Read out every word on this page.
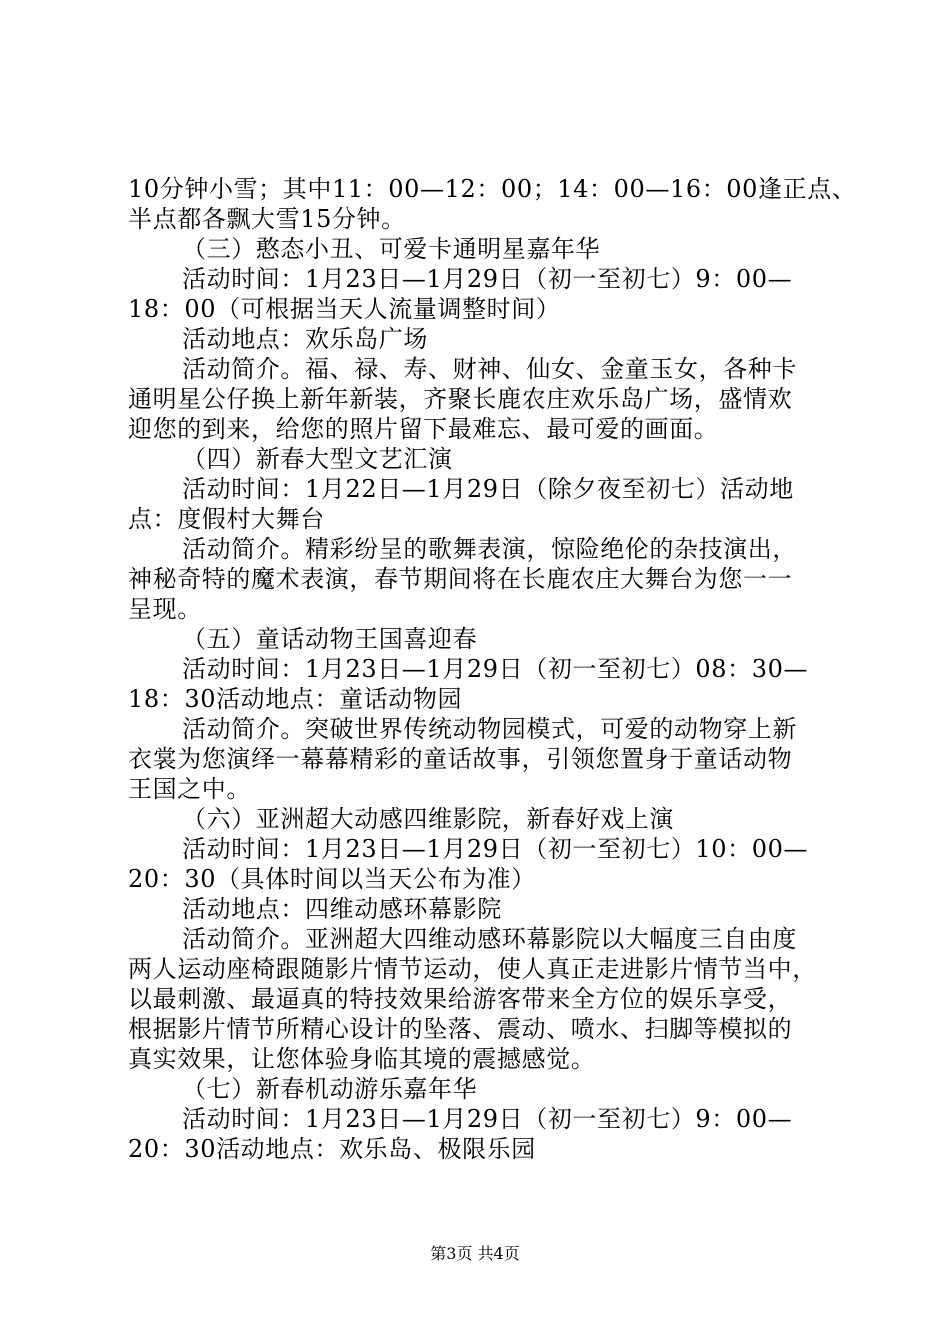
10分钟小雪；其中11：00—12：00；14：00—16：00逢正点、
半点都各飘大雪15分钟。
（三）憨态小丑、可爱卡通明星嘉年华
活动时间：1月23日—1月29日（初一至初七）9：00—
18：00（可根据当天人流量调整时间）
活动地点：欢乐岛广场
活动简介。福、禄、寿、财神、仙女、金童玉女，各种卡
通明星公仔换上新年新装，齐聚长鹿农庄欢乐岛广场，盛情欢
迎您的到来，给您的照片留下最难忘、最可爱的画面。
（四）新春大型文艺汇演
活动时间：1月22日—1月29日（除夕夜至初七）活动地
点：度假村大舞台
活动简介。精彩纷呈的歌舞表演，惊险绝伦的杂技演出，
神秘奇特的魔术表演，春节期间将在长鹿农庄大舞台为您一一
呈现。
（五）童话动物王国喜迎春
活动时间：1月23日—1月29日（初一至初七）08：30—
18：30活动地点：童话动物园
活动简介。突破世界传统动物园模式，可爱的动物穿上新
衣裳为您演绎一幕幕精彩的童话故事，引领您置身于童话动物
王国之中。
（六）亚洲超大动感四维影院，新春好戏上演
活动时间：1月23日—1月29日（初一至初七）10：00—
20：30（具体时间以当天公布为准）
活动地点：四维动感环幕影院
活动简介。亚洲超大四维动感环幕影院以大幅度三自由度
两人运动座椅跟随影片情节运动，使人真正走进影片情节当中，
以最刺激、最逼真的特技效果给游客带来全方位的娱乐享受，
根据影片情节所精心设计的坠落、震动、喷水、扫脚等模拟的
真实效果，让您体验身临其境的震撼感觉。
（七）新春机动游乐嘉年华
活动时间：1月23日—1月29日（初一至初七）9：00—
20：30活动地点：欢乐岛、极限乐园
第3页 共4页
